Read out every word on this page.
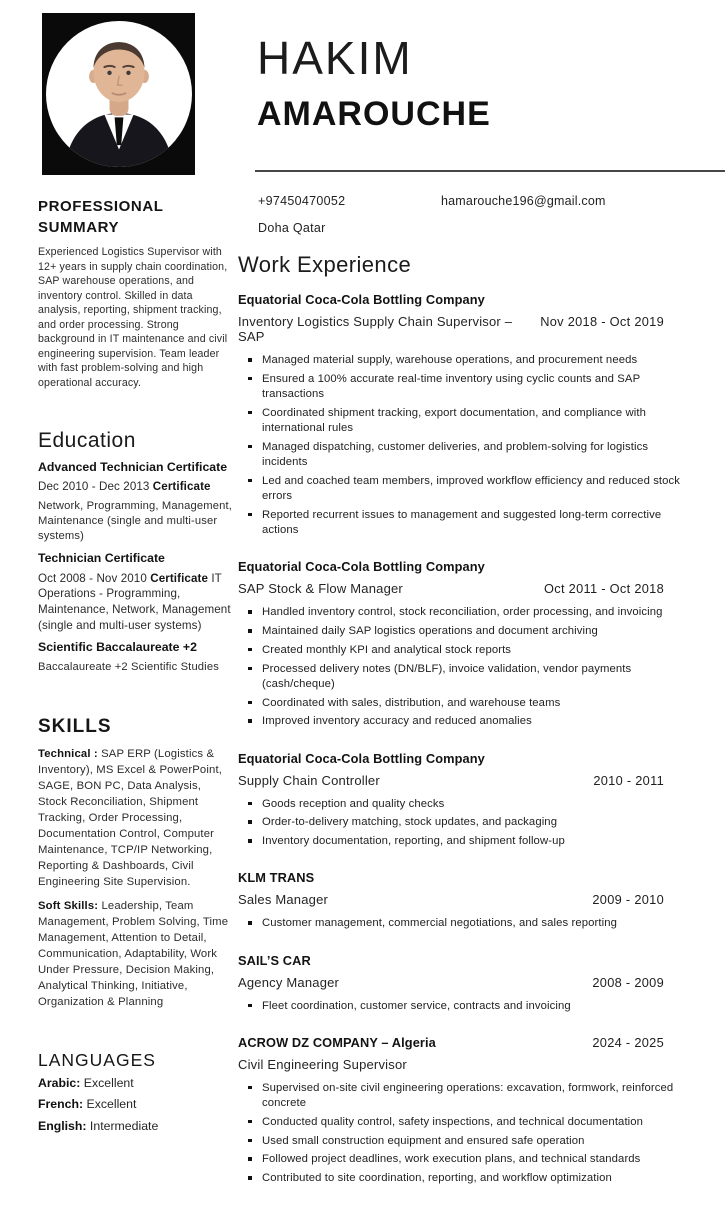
HAKIM
AMAROUCHE
PROFESSIONAL SUMMARY

Experienced Logistics Supervisor with 12+ years in supply chain coordination, SAP warehouse operations, and inventory control. Skilled in data analysis, reporting, shipment tracking, and order processing. Strong background in IT maintenance and civil engineering supervision. Team leader with fast problem-solving and high operational accuracy.

Education
Advanced Technician Certificate

Dec 2010 - Dec 2013 Certificate

Network, Programming, Management, Maintenance (single and multi-user systems)

Technician Certificate

Oct 2008 - Nov 2010 Certificate IT Operations - Programming, Maintenance, Network, Management (single and multi-user systems)

Scientific Baccalaureate +2

Baccalaureate +2 Scientific Studies

SKILLS

Technical : SAP ERP (Logistics & Inventory), MS Excel & PowerPoint, SAGE, BON PC, Data Analysis, Stock Reconciliation, Shipment Tracking, Order Processing, Documentation Control, Computer Maintenance, TCP/IP Networking, Reporting & Dashboards, Civil Engineering Site Supervision.

Soft Skills: Leadership, Team Management, Problem Solving, Time Management, Attention to Detail, Communication, Adaptability, Work Under Pressure, Decision Making, Analytical Thinking, Initiative, Organization & Planning

LANGUAGES
Arabic: Excellent
French: Excellent
English: Intermediate
+97450470052	hamarouche196@gmail.com
Doha Qatar
Work Experience
Equatorial Coca-Cola Bottling Company
Inventory Logistics Supply Chain Supervisor – SAP
Nov 2018 - Oct 2019
Managed material supply, warehouse operations, and procurement needs
Ensured a 100% accurate real-time inventory using cyclic counts and SAP transactions
Coordinated shipment tracking, export documentation, and compliance with international rules
Managed dispatching, customer deliveries, and problem-solving for logistics incidents
Led and coached team members, improved workflow efficiency and reduced stock errors
Reported recurrent issues to management and suggested long-term corrective actions
Equatorial Coca-Cola Bottling Company
SAP Stock & Flow Manager	Oct 2011 - Oct 2018
Handled inventory control, stock reconciliation, order processing, and invoicing
Maintained daily SAP logistics operations and document archiving
Created monthly KPI and analytical stock reports
Processed delivery notes (DN/BLF), invoice validation, vendor payments (cash/cheque)
Coordinated with sales, distribution, and warehouse teams
Improved inventory accuracy and reduced anomalies
Equatorial Coca-Cola Bottling Company
Supply Chain Controller	2010 - 2011
Goods reception and quality checks
Order-to-delivery matching, stock updates, and packaging
Inventory documentation, reporting, and shipment follow-up
KLM TRANS
Sales Manager	2009 - 2010
Customer management, commercial negotiations, and sales reporting
SAIL’S CAR
Agency Manager	2008 - 2009
Fleet coordination, customer service, contracts and invoicing
ACROW DZ COMPANY – Algeria	2024 - 2025
Civil Engineering Supervisor
Supervised on-site civil engineering operations: excavation, formwork, reinforced concrete
Conducted quality control, safety inspections, and technical documentation
Used small construction equipment and ensured safe operation
Followed project deadlines, work execution plans, and technical standards
Contributed to site coordination, reporting, and workflow optimization
